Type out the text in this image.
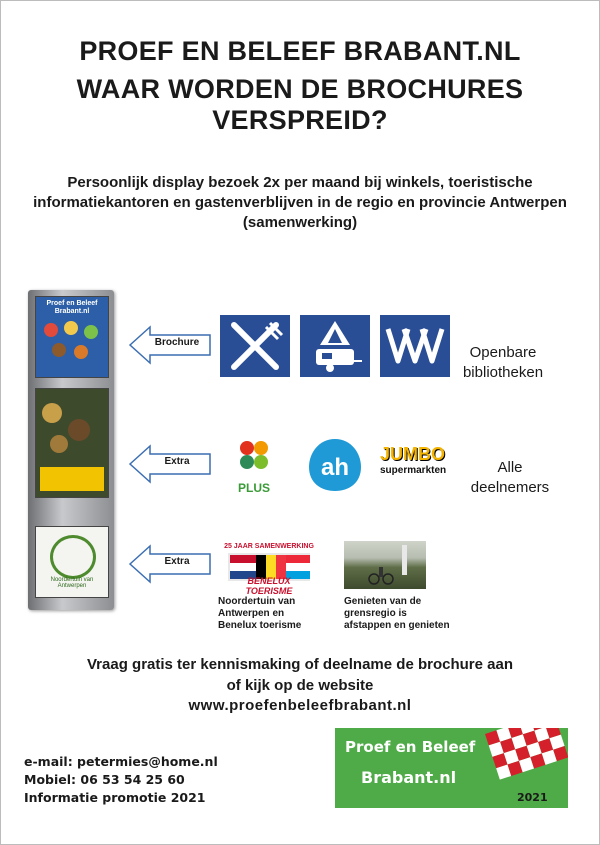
PROEF EN BELEEF BRABANT.NL
WAAR WORDEN DE BROCHURES VERSPREID?
Persoonlijk display bezoek 2x per maand bij winkels, toeristische
informatiekantoren en gastenverblijven in de regio en provincie Antwerpen
(samenwerking)
Proef en Beleef
Brabant.nl
Noordertuin van
Antwerpen
Brochure
Extra
Extra
Openbare
bibliotheken
PLUS
ah JUMBO
supermarkten	Alle
deelnemers
25 JAAR SAMENWERKING
BENELUX TOERISME
Noordertuin van
Antwerpen en
Benelux toerisme
Genieten van de
grensregio is
afstappen en genieten
Vraag gratis ter kennismaking of deelname de brochure aan
of kijk op de website
www.proefenbeleefbrabant.nl
e-mail: petermies@home.nl
Mobiel: 06 53 54 25 60
Informatie promotie 2021
Proef en Beleef
Brabant.nl
2021
